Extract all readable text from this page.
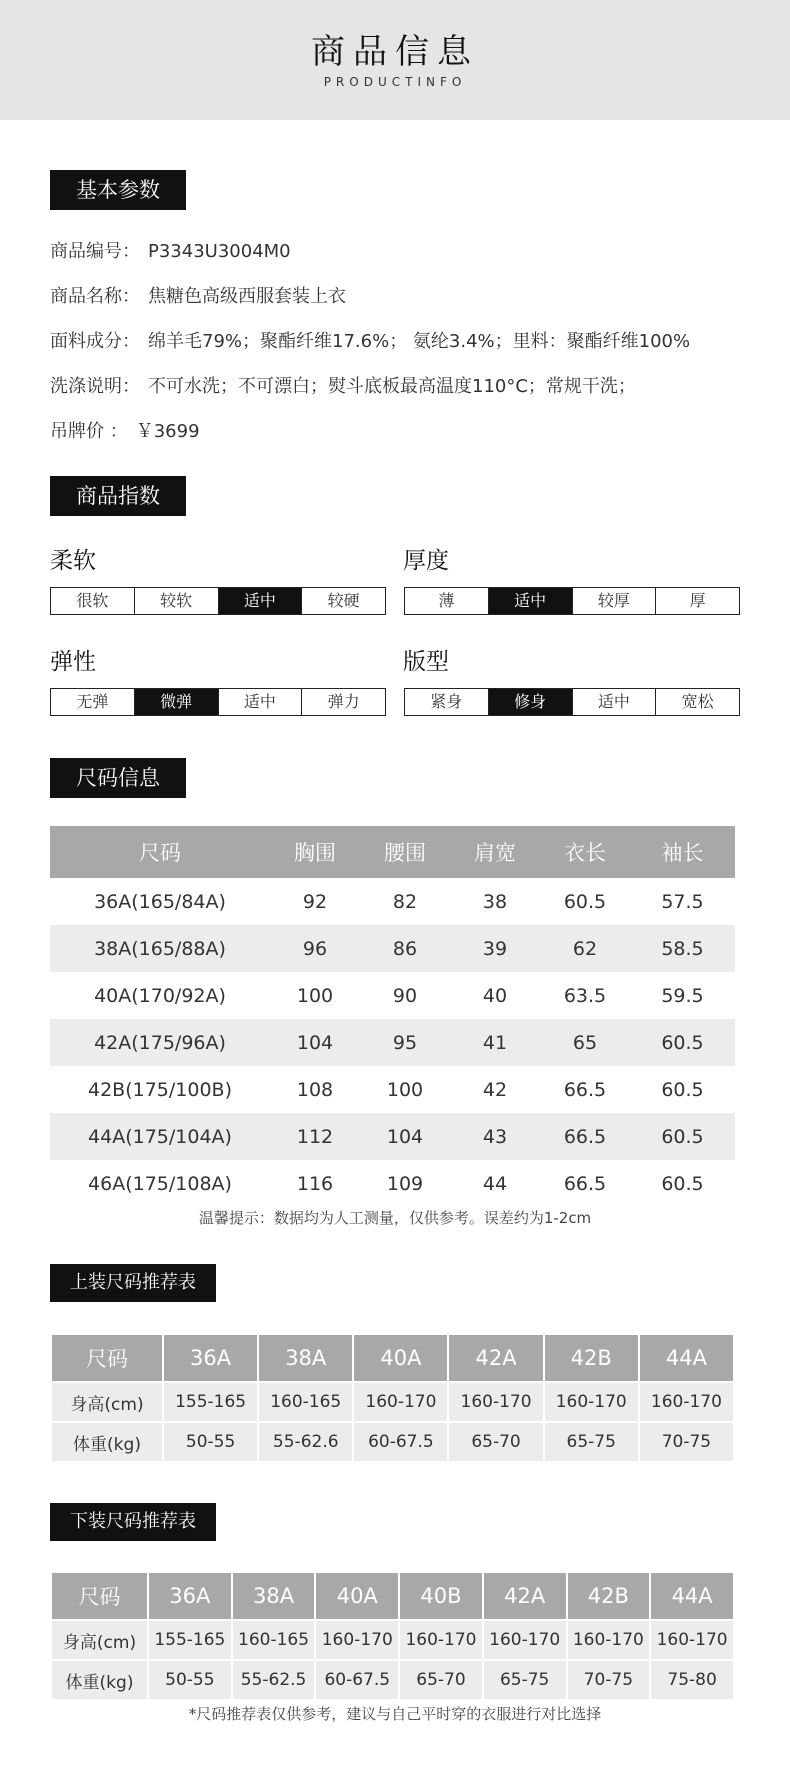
商品信息
PRODUCTINFO
基本参数
商品编号： P3343U3004M0
商品名称： 焦糖色高级西服套装上衣
面料成分： 绵羊毛79%；聚酯纤维17.6%； 氨纶3.4%；里料：聚酯纤维100%
洗涤说明： 不可水洗；不可漂白；熨斗底板最高温度110°C；常规干洗；
吊牌价 ： ￥3699
商品指数
柔软
很软	较软	适中	较硬
厚度
薄	适中	较厚	厚
弹性
无弹	微弹	适中	弹力
版型
紧身	修身	适中	宽松
尺码信息
尺码	胸围	腰围	肩宽	衣长	袖长
36A(165/84A)	92	82	38	60.5	57.5
38A(165/88A)	96	86	39	62	58.5
40A(170/92A)	100	90	40	63.5	59.5
42A(175/96A)	104	95	41	65	60.5
42B(175/100B)	108	100	42	66.5	60.5
44A(175/104A)	112	104	43	66.5	60.5
46A(175/108A)	116	109	44	66.5	60.5
温馨提示：数据均为人工测量，仅供参考。误差约为1-2cm
上装尺码推荐表
尺码	36A	38A	40A	42A	42B	44A
身高(cm)	155-165	160-165	160-170	160-170	160-170	160-170
体重(kg)	50-55	55-62.6	60-67.5	65-70	65-75	70-75
下装尺码推荐表
尺码	36A	38A	40A	40B	42A	42B	44A
身高(cm)	155-165	160-165	160-170	160-170	160-170	160-170	160-170
体重(kg)	50-55	55-62.5	60-67.5	65-70	65-75	70-75	75-80
*尺码推荐表仅供参考，建议与自己平时穿的衣服进行对比选择
